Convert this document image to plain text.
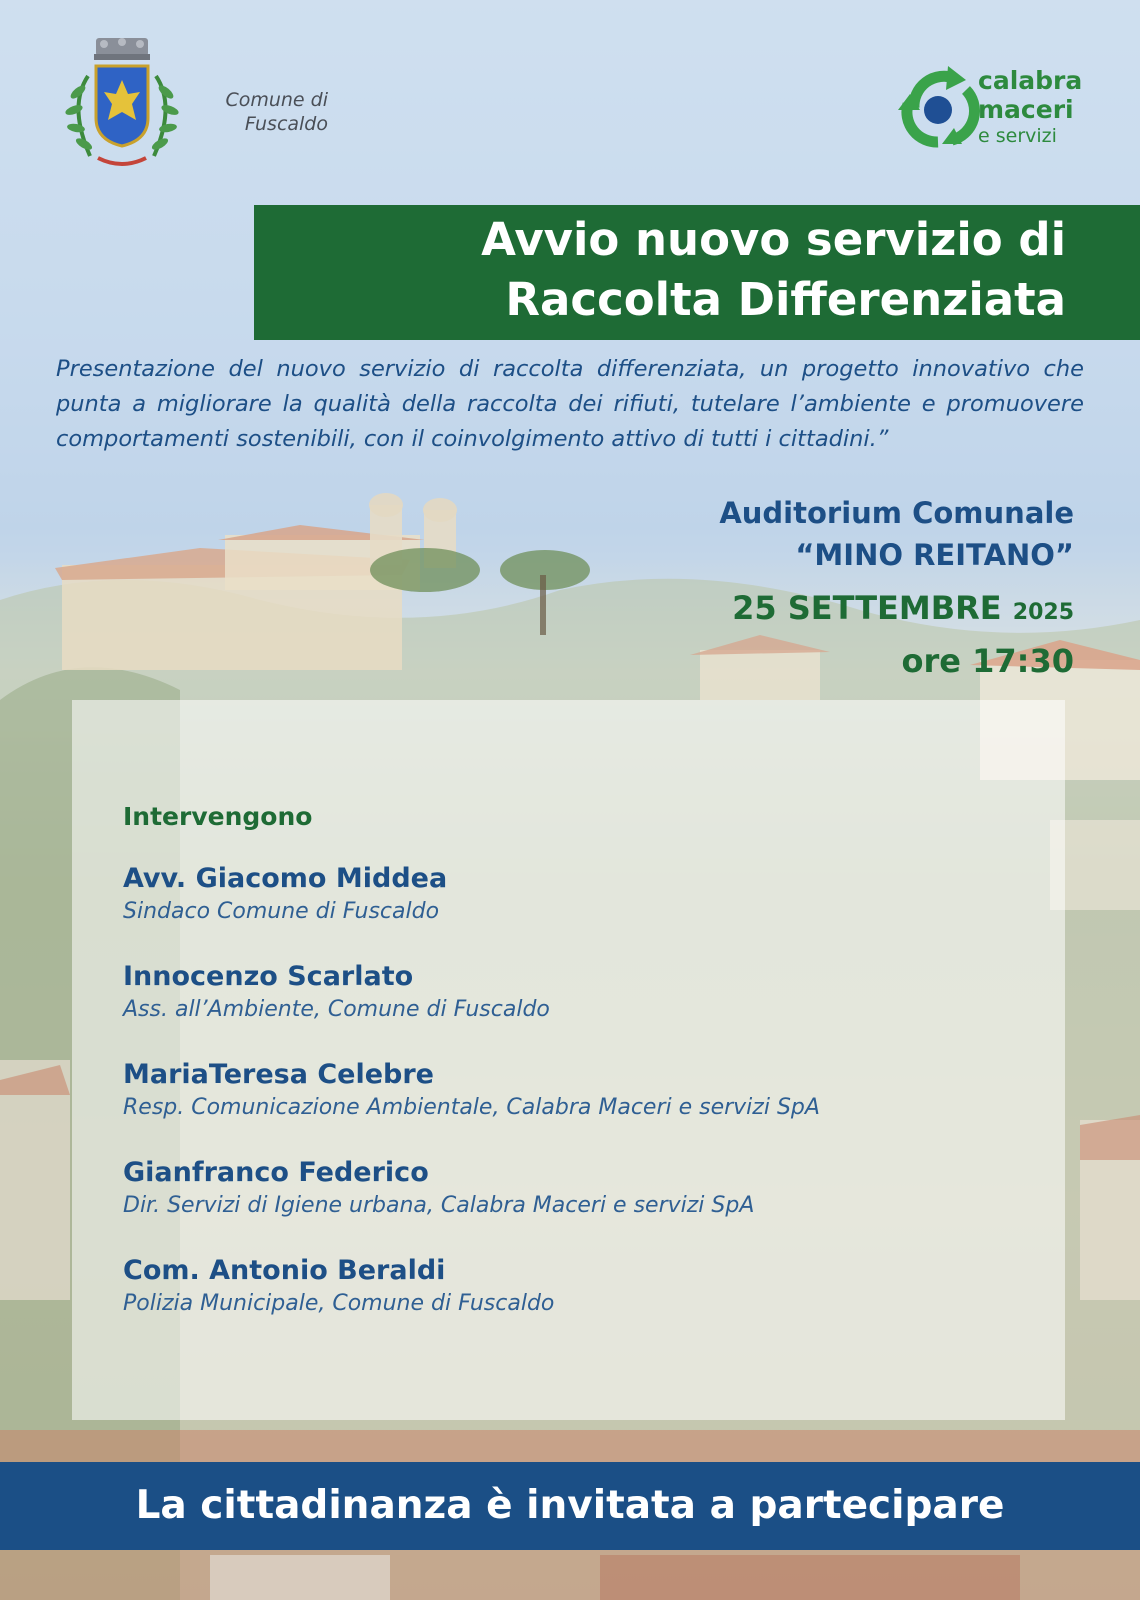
Comune di
Fuscaldo
calabra
maceri
e servizi
Avvio nuovo servizio di
Raccolta Differenziata
Presentazione del nuovo servizio di raccolta differenziata, un progetto innovativo che punta a migliorare la qualità della raccolta dei rifiuti, tutelare l’ambiente e promuovere comportamenti sostenibili, con il coinvolgimento attivo di tutti i cittadini.”
Auditorium Comunale
“MINO REITANO”
25 SETTEMBRE 2025
ore 17:30
Intervengono
Avv. Giacomo Middea
Sindaco Comune di Fuscaldo
Innocenzo Scarlato
Ass. all’Ambiente, Comune di Fuscaldo
MariaTeresa Celebre
Resp. Comunicazione Ambientale, Calabra Maceri e servizi SpA
Gianfranco Federico
Dir. Servizi di Igiene urbana, Calabra Maceri e servizi SpA
Com. Antonio Beraldi
Polizia Municipale, Comune di Fuscaldo
La cittadinanza è invitata a partecipare
